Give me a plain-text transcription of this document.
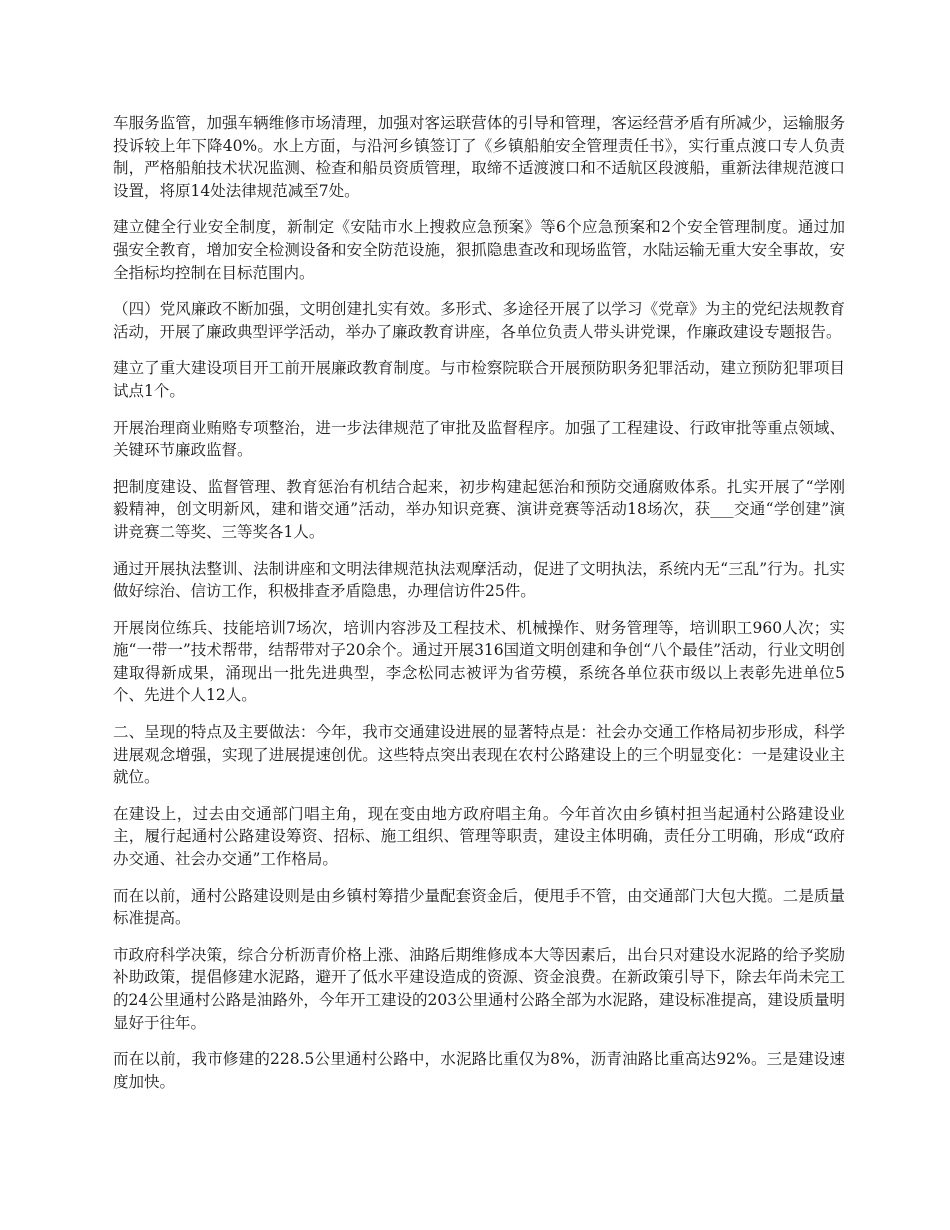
车服务监管，加强车辆维修市场清理，加强对客运联营体的引导和管理，客运经营矛盾有所减少，运输服务投诉较上年下降40%。水上方面，与沿河乡镇签订了《乡镇船舶安全管理责任书》，实行重点渡口专人负责制，严格船舶技术状况监测、检查和船员资质管理，取缔不适渡渡口和不适航区段渡船，重新法律规范渡口设置，将原14处法律规范减至7处。

建立健全行业安全制度，新制定《安陆市水上搜救应急预案》等6个应急预案和2个安全管理制度。通过加强安全教育，增加安全检测设备和安全防范设施，狠抓隐患查改和现场监管，水陆运输无重大安全事故，安全指标均控制在目标范围内。

（四）党风廉政不断加强，文明创建扎实有效。多形式、多途径开展了以学习《党章》为主的党纪法规教育活动，开展了廉政典型评学活动，举办了廉政教育讲座，各单位负责人带头讲党课，作廉政建设专题报告。

建立了重大建设项目开工前开展廉政教育制度。与市检察院联合开展预防职务犯罪活动，建立预防犯罪项目试点1个。

开展治理商业贿赂专项整治，进一步法律规范了审批及监督程序。加强了工程建设、行政审批等重点领域、关键环节廉政监督。

把制度建设、监督管理、教育惩治有机结合起来，初步构建起惩治和预防交通腐败体系。扎实开展了“学刚毅精神，创文明新风，建和谐交通”活动，举办知识竞赛、演讲竞赛等活动18场次，获___交通“学创建”演讲竞赛二等奖、三等奖各1人。

通过开展执法整训、法制讲座和文明法律规范执法观摩活动，促进了文明执法，系统内无“三乱”行为。扎实做好综治、信访工作，积极排查矛盾隐患，办理信访件25件。

开展岗位练兵、技能培训7场次，培训内容涉及工程技术、机械操作、财务管理等，培训职工960人次；实施“一带一”技术帮带，结帮带对子20余个。通过开展316国道文明创建和争创“八个最佳”活动，行业文明创建取得新成果，涌现出一批先进典型，李念松同志被评为省劳模，系统各单位获市级以上表彰先进单位5个、先进个人12人。

二、呈现的特点及主要做法：今年，我市交通建设进展的显著特点是：社会办交通工作格局初步形成，科学进展观念增强，实现了进展提速创优。这些特点突出表现在农村公路建设上的三个明显变化：一是建设业主就位。

在建设上，过去由交通部门唱主角，现在变由地方政府唱主角。今年首次由乡镇村担当起通村公路建设业主，履行起通村公路建设筹资、招标、施工组织、管理等职责，建设主体明确，责任分工明确，形成“政府办交通、社会办交通”工作格局。

而在以前，通村公路建设则是由乡镇村筹措少量配套资金后，便甩手不管，由交通部门大包大揽。二是质量标准提高。

市政府科学决策，综合分析沥青价格上涨、油路后期维修成本大等因素后，出台只对建设水泥路的给予奖励补助政策，提倡修建水泥路，避开了低水平建设造成的资源、资金浪费。在新政策引导下，除去年尚未完工的24公里通村公路是油路外，今年开工建设的203公里通村公路全部为水泥路，建设标准提高，建设质量明显好于往年。

而在以前，我市修建的228.5公里通村公路中，水泥路比重仅为8%，沥青油路比重高达92%。三是建设速度加快。
